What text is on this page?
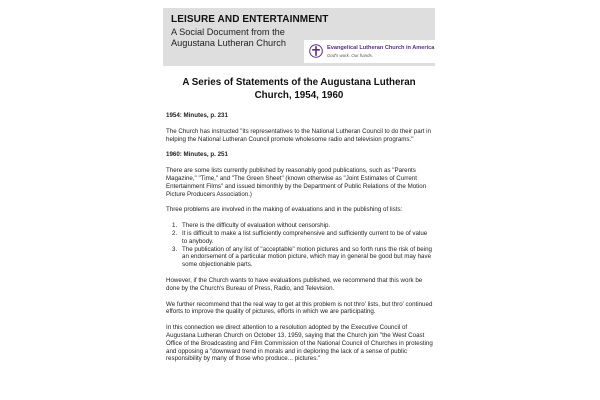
LEISURE AND ENTERTAINMENT
A Social Document from the
Augustana Lutheran Church	Evangelical Lutheran Church in America
God's work. Our hands.
A Series of Statements of the Augustana Lutheran Church, 1954, 1960
1954: Minutes, p. 231

The Church has instructed "its representatives to the National Lutheran Council to do their part in helping the National Lutheran Council promote wholesome radio and television programs."

1960: Minutes, p. 251

There are some lists currently published by reasonably good publications, such as "Parents Magazine," "Time," and "The Green Sheet" (known otherwise as "Joint Estimates of Current Entertainment Films" and issued bimonthly by the Department of Public Relations of the Motion Picture Producers Association.)

Three problems are involved in the making of evaluations and in the publishing of lists:

1. There is the difficulty of evaluation without censorship.
2. It is difficult to make a list sufficiently comprehensive and sufficiently current to be of value to anybody.
3. The publication of any list of "acceptable" motion pictures and so forth runs the risk of being an endorsement of a particular motion picture, which may in general be good but may have some objectionable parts.

However, if the Church wants to have evaluations published, we recommend that this work be done by the Church's Bureau of Press, Radio, and Television.

We further recommend that the real way to get at this problem is not thro' lists, but thro' continued efforts to improve the quality of pictures, efforts in which we are participating.

In this connection we direct attention to a resolution adopted by the Executive Council of Augustana Lutheran Church on October 13, 1959, saying that the Church join "the West Coast Office of the Broadcasting and Film Commission of the National Council of Churches in protesting and opposing a "downward trend in morals and in deploring the lack of a sense of public responsibility by many of those who produce... pictures."
